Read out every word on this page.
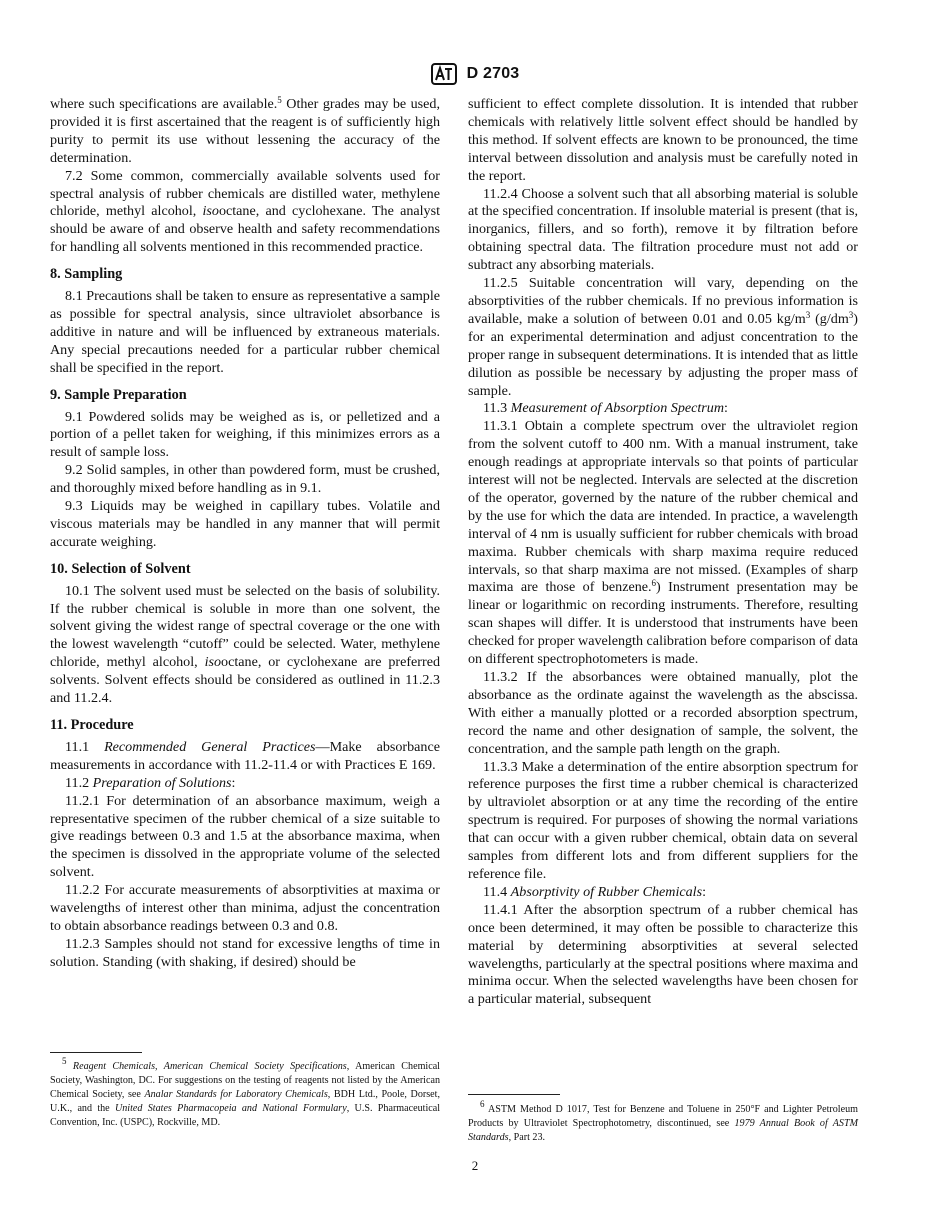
D 2703

where such specifications are available.$^5$ Other grades may be used, provided it is first ascertained that the reagent is of sufficiently high purity to permit its use without lessening the accuracy of the determination.

7.2 Some common, commercially available solvents used for spectral analysis of rubber chemicals are distilled water, methylene chloride, methyl alcohol, isooctane, and cyclohexane. The analyst should be aware of and observe health and safety recommendations for handling all solvents mentioned in this recommended practice.

8. Sampling

8.1 Precautions shall be taken to ensure as representative a sample as possible for spectral analysis, since ultraviolet absorbance is additive in nature and will be influenced by extraneous materials. Any special precautions needed for a particular rubber chemical shall be specified in the report.

9. Sample Preparation

9.1 Powdered solids may be weighed as is, or pelletized and a portion of a pellet taken for weighing, if this minimizes errors as a result of sample loss.

9.2 Solid samples, in other than powdered form, must be crushed, and thoroughly mixed before handling as in 9.1.

9.3 Liquids may be weighed in capillary tubes. Volatile and viscous materials may be handled in any manner that will permit accurate weighing.

10. Selection of Solvent

10.1 The solvent used must be selected on the basis of solubility. If the rubber chemical is soluble in more than one solvent, the solvent giving the widest range of spectral coverage or the one with the lowest wavelength “cutoff” could be selected. Water, methylene chloride, methyl alcohol, isooctane, or cyclohexane are preferred solvents. Solvent effects should be considered as outlined in 11.2.3 and 11.2.4.

11. Procedure

11.1 Recommended General Practices—Make absorbance measurements in accordance with 11.2-11.4 or with Practices E 169.

11.2 Preparation of Solutions:

11.2.1 For determination of an absorbance maximum, weigh a representative specimen of the rubber chemical of a size suitable to give readings between 0.3 and 1.5 at the absorbance maxima, when the specimen is dissolved in the appropriate volume of the selected solvent.

11.2.2 For accurate measurements of absorptivities at maxima or wavelengths of interest other than minima, adjust the concentration to obtain absorbance readings between 0.3 and 0.8.

11.2.3 Samples should not stand for excessive lengths of time in solution. Standing (with shaking, if desired) should be

sufficient to effect complete dissolution. It is intended that rubber chemicals with relatively little solvent effect should be handled by this method. If solvent effects are known to be pronounced, the time interval between dissolution and analysis must be carefully noted in the report.

11.2.4 Choose a solvent such that all absorbing material is soluble at the specified concentration. If insoluble material is present (that is, inorganics, fillers, and so forth), remove it by filtration before obtaining spectral data. The filtration procedure must not add or subtract any absorbing materials.

11.2.5 Suitable concentration will vary, depending on the absorptivities of the rubber chemicals. If no previous information is available, make a solution of between 0.01 and 0.05 $kg/m^3$ $(g/dm^3)$ for an experimental determination and adjust concentration to the proper range in subsequent determinations. It is intended that as little dilution as possible be necessary by adjusting the proper mass of sample.

11.3 Measurement of Absorption Spectrum:

11.3.1 Obtain a complete spectrum over the ultraviolet region from the solvent cutoff to 400 nm. With a manual instrument, take enough readings at appropriate intervals so that points of particular interest will not be neglected. Intervals are selected at the discretion of the operator, governed by the nature of the rubber chemical and by the use for which the data are intended. In practice, a wavelength interval of 4 nm is usually sufficient for rubber chemicals with broad maxima. Rubber chemicals with sharp maxima require reduced intervals, so that sharp maxima are not missed. (Examples of sharp maxima are those of benzene.$^6$) Instrument presentation may be linear or logarithmic on recording instruments. Therefore, resulting scan shapes will differ. It is understood that instruments have been checked for proper wavelength calibration before comparison of data on different spectrophotometers is made.

11.3.2 If the absorbances were obtained manually, plot the absorbance as the ordinate against the wavelength as the abscissa. With either a manually plotted or a recorded absorption spectrum, record the name and other designation of sample, the solvent, the concentration, and the sample path length on the graph.

11.3.3 Make a determination of the entire absorption spectrum for reference purposes the first time a rubber chemical is characterized by ultraviolet absorption or at any time the recording of the entire spectrum is required. For purposes of showing the normal variations that can occur with a given rubber chemical, obtain data on several samples from different lots and from different suppliers for the reference file.

11.4 Absorptivity of Rubber Chemicals:

11.4.1 After the absorption spectrum of a rubber chemical has once been determined, it may often be possible to characterize this material by determining absorptivities at several selected wavelengths, particularly at the spectral positions where maxima and minima occur. When the selected wavelengths have been chosen for a particular material, subsequent

$^5$ Reagent Chemicals, American Chemical Society Specifications, American Chemical Society, Washington, DC. For suggestions on the testing of reagents not listed by the American Chemical Society, see Analar Standards for Laboratory Chemicals, BDH Ltd., Poole, Dorset, U.K., and the United States Pharmacopeia and National Formulary, U.S. Pharmaceutical Convention, Inc. (USPC), Rockville, MD.

$^6$ ASTM Method D 1017, Test for Benzene and Toluene in 250°F and Lighter Petroleum Products by Ultraviolet Spectrophotometry, discontinued, see 1979 Annual Book of ASTM Standards, Part 23.

2
